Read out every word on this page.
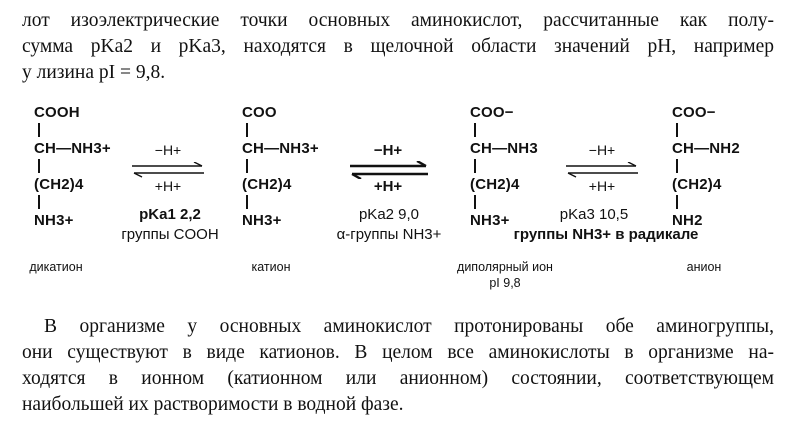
лот изоэлектрические точки основных аминокислот, рассчитанные как полу-
сумма pKa2 и pKa3, находятся в щелочной области значений pH, например
у лизина pI = 9,8.
COOH
CH—NH3+
(CH2)4
NH3+
COO
CH—NH3+
(CH2)4
NH3+
COO−
CH—NH3
(CH2)4
NH3+
COO−
CH—NH2
(CH2)4
NH2
−H+
+H+
−H+
+H+
−H+
+H+
pKa1 2,2
группы COOH
pKa2 9,0
α-группы NH3+
pKa3 10,5
группы NH3+ в радикале
дикатион	катион	диполярный ион
pI 9,8
анион
В организме у основных аминокислот протонированы обе аминогруппы,
они существуют в виде катионов. В целом все аминокислоты в организме на-
ходятся в ионном (катионном или анионном) состоянии, соответствующем
наибольшей их растворимости в водной фазе.
